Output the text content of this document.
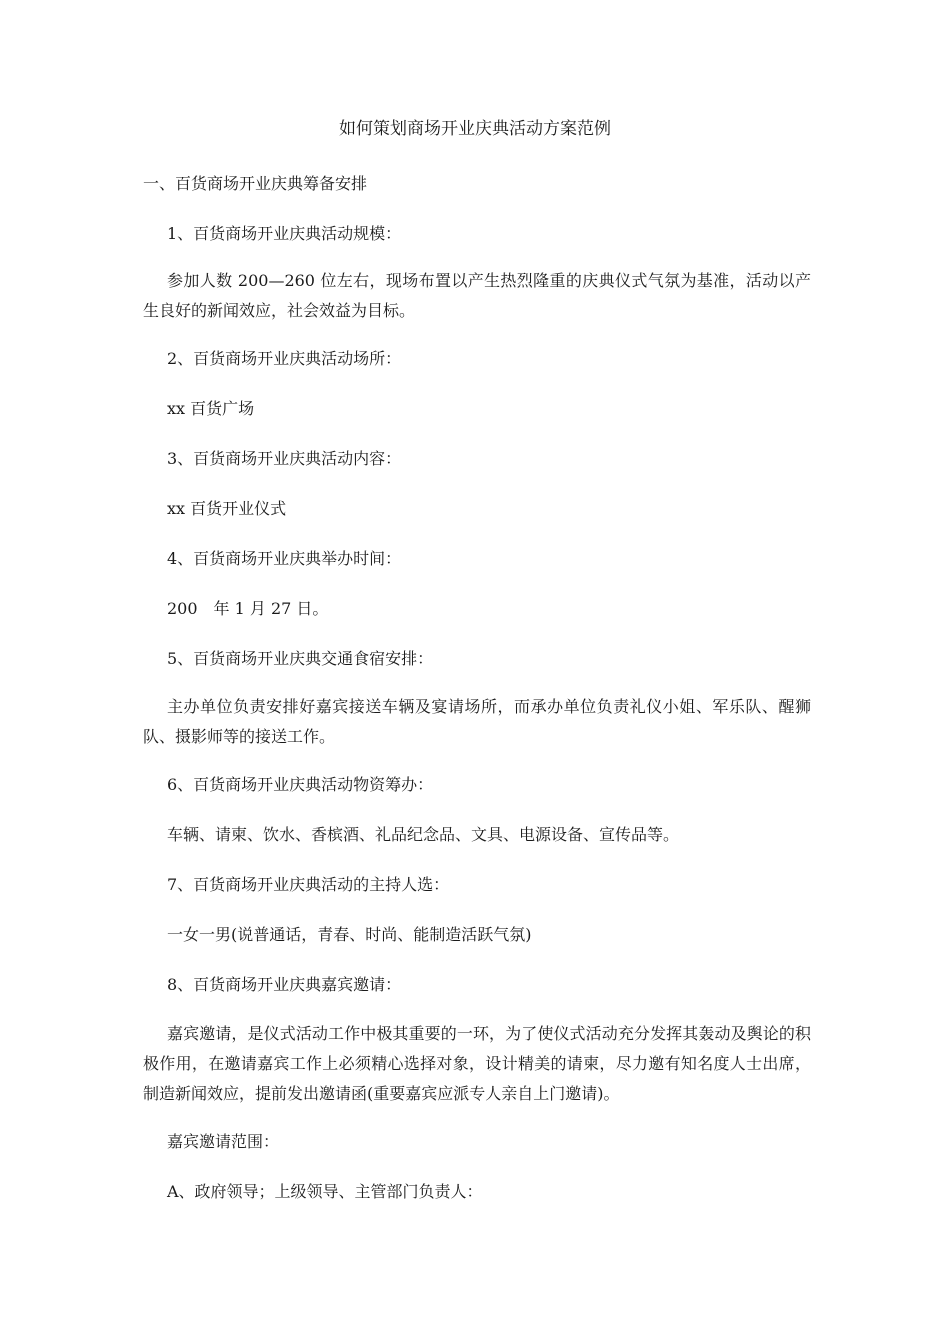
如何策划商场开业庆典活动方案范例
一、百货商场开业庆典筹备安排
1、百货商场开业庆典活动规模：
参加人数 200—260 位左右，现场布置以产生热烈隆重的庆典仪式气氛为基准，活动以产生良好的新闻效应，社会效益为目标。
2、百货商场开业庆典活动场所：
xx 百货广场
3、百货商场开业庆典活动内容：
xx 百货开业仪式
4、百货商场开业庆典举办时间：
200　年 1 月 27 日。
5、百货商场开业庆典交通食宿安排：
主办单位负责安排好嘉宾接送车辆及宴请场所，而承办单位负责礼仪小姐、军乐队、醒狮队、摄影师等的接送工作。
6、百货商场开业庆典活动物资筹办：
车辆、请柬、饮水、香槟酒、礼品纪念品、文具、电源设备、宣传品等。
7、百货商场开业庆典活动的主持人选：
一女一男(说普通话，青春、时尚、能制造活跃气氛)
8、百货商场开业庆典嘉宾邀请：
嘉宾邀请，是仪式活动工作中极其重要的一环，为了使仪式活动充分发挥其轰动及舆论的积极作用，在邀请嘉宾工作上必须精心选择对象，设计精美的请柬，尽力邀有知名度人士出席，制造新闻效应，提前发出邀请函(重要嘉宾应派专人亲自上门邀请)。
嘉宾邀请范围：
A、政府领导；上级领导、主管部门负责人：
